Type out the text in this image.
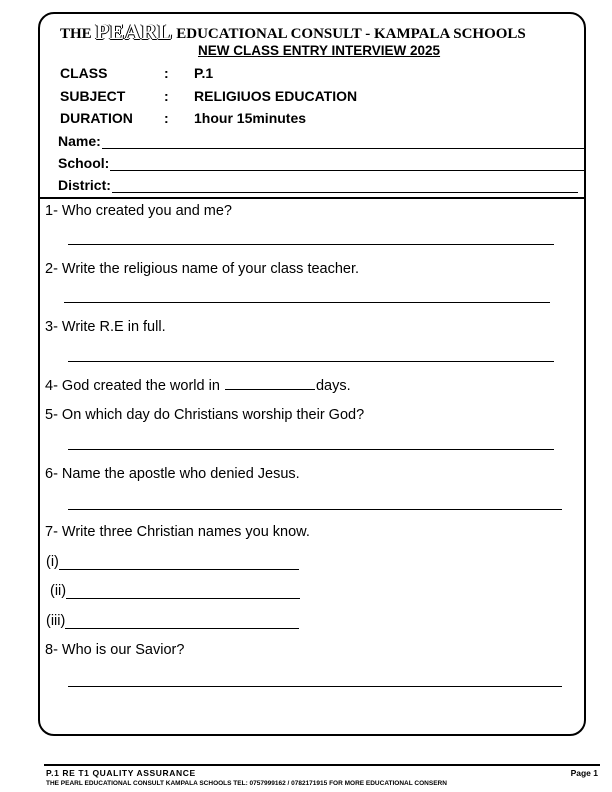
THE PEARL EDUCATIONAL CONSULT - KAMPALA SCHOOLS
NEW CLASS ENTRY INTERVIEW 2025
CLASS	: P.1
SUBJECT	: RELIGIUOS EDUCATION
DURATION : 1hour 15minutes
Name:
School:
District:
1- Who created you and me?
2- Write the religious name of your class teacher.
3- Write R.E in full.
4- God created the world in	days.
5- On which day do Christians worship their God?
6- Name the apostle who denied Jesus.
7- Write three Christian names you know.
(i)
(ii)
(iii)
8- Who is our Savior?
P.1 RE T1 QUALITY ASSURANCE	Page 1
THE PEARL EDUCATIONAL CONSULT KAMPALA SCHOOLS TEL: 0757999162 / 0782171915 FOR MORE EDUCATIONAL CONSERN
